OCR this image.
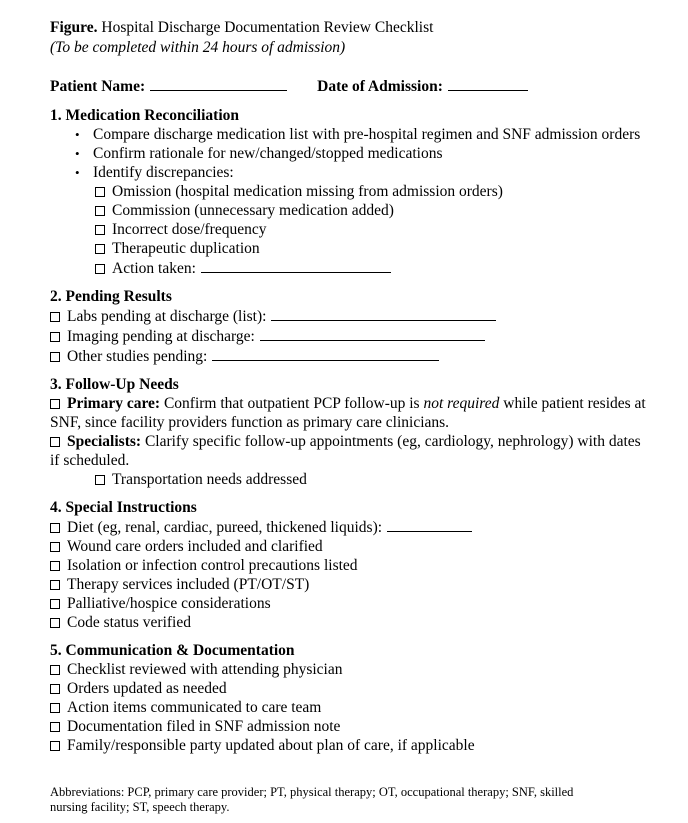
Figure. Hospital Discharge Documentation Review Checklist
(To be completed within 24 hours of admission)
Patient Name:	Date of Admission:
1. Medication Reconciliation
• Compare discharge medication list with pre-hospital regimen and SNF admission orders
• Confirm rationale for new/changed/stopped medications
• Identify discrepancies:
Omission (hospital medication missing from admission orders)
Commission (unnecessary medication added)
Incorrect dose/frequency
Therapeutic duplication
Action taken:
2. Pending Results
Labs pending at discharge (list):
Imaging pending at discharge:
Other studies pending:
3. Follow-Up Needs
Primary care: Confirm that outpatient PCP follow-up is not required while patient resides at SNF, since facility providers function as primary care clinicians.
Specialists: Clarify specific follow-up appointments (eg, cardiology, nephrology) with dates if scheduled.
Transportation needs addressed
4. Special Instructions
Diet (eg, renal, cardiac, pureed, thickened liquids):
Wound care orders included and clarified
Isolation or infection control precautions listed
Therapy services included (PT/OT/ST)
Palliative/hospice considerations
Code status verified
5. Communication & Documentation
Checklist reviewed with attending physician
Orders updated as needed
Action items communicated to care team
Documentation filed in SNF admission note
Family/responsible party updated about plan of care, if applicable
Abbreviations: PCP, primary care provider; PT, physical therapy; OT, occupational therapy; SNF, skilled nursing facility; ST, speech therapy.
